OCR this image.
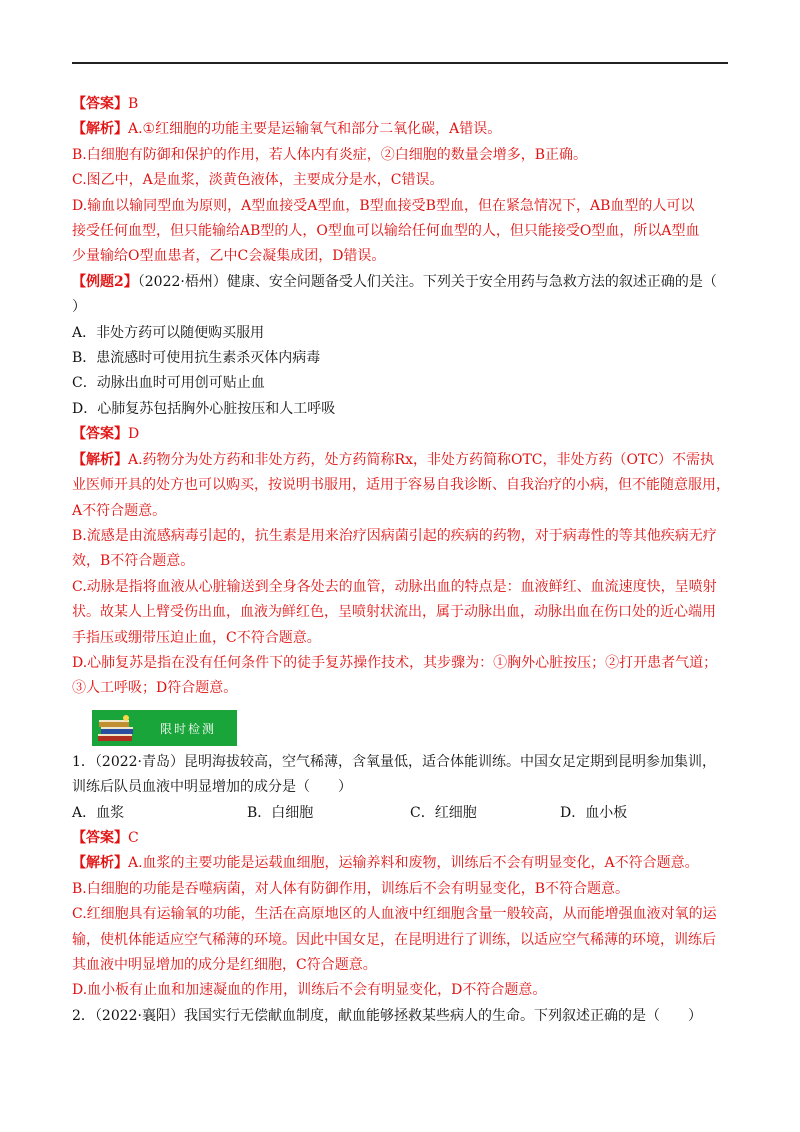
【答案】B

【解析】A.①红细胞的功能主要是运输氧气和部分二氧化碳，A错误。

B.白细胞有防御和保护的作用，若人体内有炎症，②白细胞的数量会增多，B正确。

C.图乙中，A是血浆，淡黄色液体，主要成分是水，C错误。

D.输血以输同型血为原则，A型血接受A型血，B型血接受B型血，但在紧急情况下，AB血型的人可以

接受任何血型，但只能输给AB型的人，O型血可以输给任何血型的人，但只能接受O型血，所以A型血

少量输给O型血患者，乙中C会凝集成团，D错误。

【例题2】（2022·梧州）健康、安全问题备受人们关注。下列关于安全用药与急救方法的叙述正确的是（

）

A．非处方药可以随便购买服用

B．患流感时可使用抗生素杀灭体内病毒

C．动脉出血时可用创可贴止血

D．心肺复苏包括胸外心脏按压和人工呼吸

【答案】D

【解析】A.药物分为处方药和非处方药，处方药简称Rx，非处方药简称OTC，非处方药（OTC）不需执

业医师开具的处方也可以购买，按说明书服用，适用于容易自我诊断、自我治疗的小病，但不能随意服用，

A不符合题意。

B.流感是由流感病毒引起的，抗生素是用来治疗因病菌引起的疾病的药物，对于病毒性的等其他疾病无疗

效，B不符合题意。

C.动脉是指将血液从心脏输送到全身各处去的血管，动脉出血的特点是：血液鲜红、血流速度快，呈喷射

状。故某人上臂受伤出血，血液为鲜红色，呈喷射状流出，属于动脉出血，动脉出血在伤口处的近心端用

手指压或绷带压迫止血，C不符合题意。

D.心肺复苏是指在没有任何条件下的徒手复苏操作技术，其步骤为：①胸外心脏按压；②打开患者气道；

③人工呼吸；D符合题意。

限时检测

1．（2022·青岛）昆明海拔较高，空气稀薄，含氧量低，适合体能训练。中国女足定期到昆明参加集训，

训练后队员血液中明显增加的成分是（　　）

A．血浆	B．白细胞	C．红细胞	D．血小板

【答案】C

【解析】A.血浆的主要功能是运载血细胞，运输养料和废物，训练后不会有明显变化，A不符合题意。

B.白细胞的功能是吞噬病菌，对人体有防御作用，训练后不会有明显变化，B不符合题意。

C.红细胞具有运输氧的功能，生活在高原地区的人血液中红细胞含量一般较高，从而能增强血液对氧的运

输，使机体能适应空气稀薄的环境。因此中国女足，在昆明进行了训练，以适应空气稀薄的环境，训练后

其血液中明显增加的成分是红细胞，C符合题意。

D.血小板有止血和加速凝血的作用，训练后不会有明显变化，D不符合题意。

2．（2022·襄阳）我国实行无偿献血制度，献血能够拯救某些病人的生命。下列叙述正确的是（　　）
